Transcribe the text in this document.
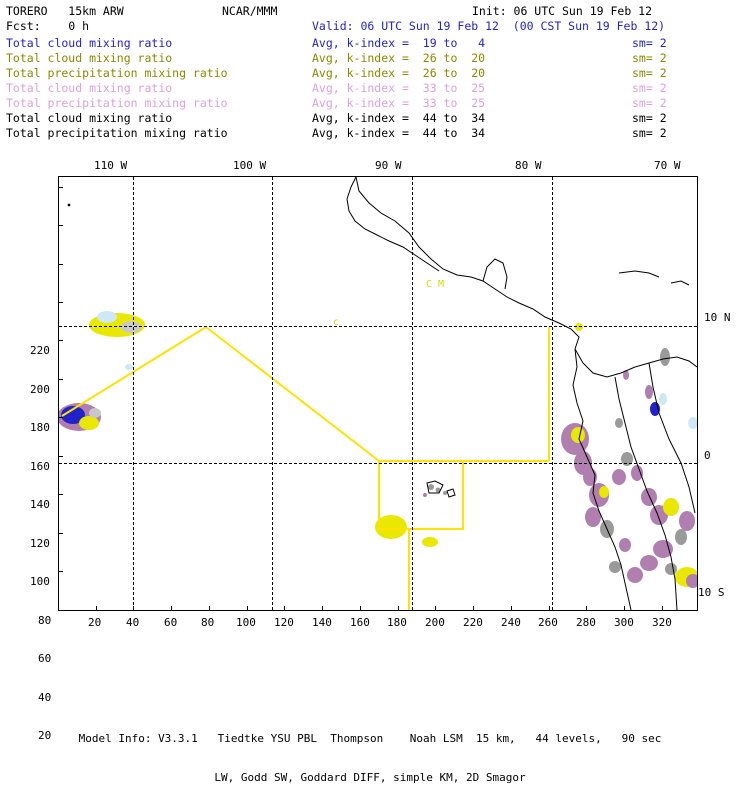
TORERO   15km ARW	NCAR/MMM	Init: 06 UTC Sun 19 Feb 12
Fcst:    0 h	Valid: 06 UTC Sun 19 Feb 12  (00 CST Sun 19 Feb 12)
Total cloud mixing ratio	Avg, k-index =  19 to   4	sm= 2
Total cloud mixing ratio	Avg, k-index =  26 to  20	sm= 2
Total precipitation mixing ratio	Avg, k-index =  26 to  20	sm= 2
Total cloud mixing ratio	Avg, k-index =  33 to  25	sm= 2
Total precipitation mixing ratio	Avg, k-index =  33 to  25	sm= 2
Total cloud mixing ratio	Avg, k-index =  44 to  34	sm= 2
Total precipitation mixing ratio	Avg, k-index =  44 to  34	sm= 2
110 W	100 W	90 W	80 W	70 W
10 N
0
10 S
220
200
180
160
140
120
100
80
60
40
20
C M
c
20 40 60 80 100 120 140 160 180 200 220 240 260 280 300 320

Model Info: V3.3.1   Tiedtke YSU PBL  Thompson    Noah LSM  15 km,   44 levels,   90 sec

LW, Godd SW, Goddard DIFF, simple KM, 2D Smagor
